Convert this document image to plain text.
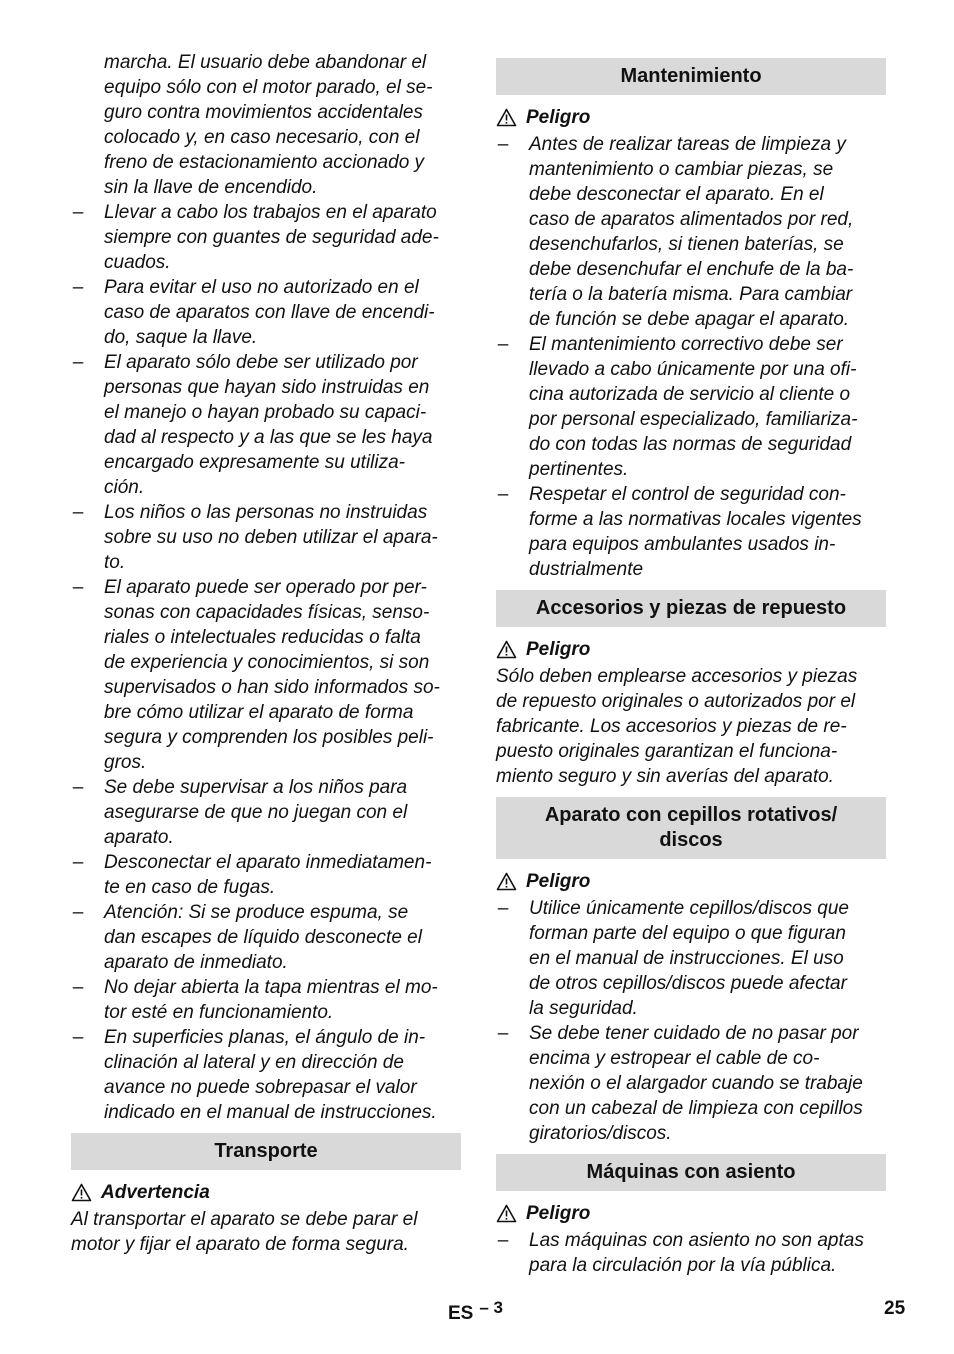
marcha. El usuario debe abandonar el
equipo sólo con el motor parado, el se-
guro contra movimientos accidentales
colocado y, en caso necesario, con el
freno de estacionamiento accionado y
sin la llave de encendido.
– Llevar a cabo los trabajos en el aparato
siempre con guantes de seguridad ade-
cuados.
– Para evitar el uso no autorizado en el
caso de aparatos con llave de encendi-
do, saque la llave.
– El aparato sólo debe ser utilizado por
personas que hayan sido instruidas en
el manejo o hayan probado su capaci-
dad al respecto y a las que se les haya
encargado expresamente su utiliza-
ción.
– Los niños o las personas no instruidas
sobre su uso no deben utilizar el apara-
to.
– El aparato puede ser operado por per-
sonas con capacidades físicas, senso-
riales o intelectuales reducidas o falta
de experiencia y conocimientos, si son
supervisados o han sido informados so-
bre cómo utilizar el aparato de forma
segura y comprenden los posibles peli-
gros.
– Se debe supervisar a los niños para
asegurarse de que no juegan con el
aparato.
– Desconectar el aparato inmediatamen-
te en caso de fugas.
– Atención: Si se produce espuma, se
dan escapes de líquido desconecte el
aparato de inmediato.
– No dejar abierta la tapa mientras el mo-
tor esté en funcionamiento.
– En superficies planas, el ángulo de in-
clinación al lateral y en dirección de
avance no puede sobrepasar el valor
indicado en el manual de instrucciones.
Transporte
Advertencia
Al transportar el aparato se debe parar el
motor y fijar el aparato de forma segura.
Mantenimiento
Peligro
– Antes de realizar tareas de limpieza y
mantenimiento o cambiar piezas, se
debe desconectar el aparato. En el
caso de aparatos alimentados por red,
desenchufarlos, si tienen baterías, se
debe desenchufar el enchufe de la ba-
tería o la batería misma. Para cambiar
de función se debe apagar el aparato.
– El mantenimiento correctivo debe ser
llevado a cabo únicamente por una ofi-
cina autorizada de servicio al cliente o
por personal especializado, familiariza-
do con todas las normas de seguridad
pertinentes.
– Respetar el control de seguridad con-
forme a las normativas locales vigentes
para equipos ambulantes usados in-
dustrialmente
Accesorios y piezas de repuesto
Peligro
Sólo deben emplearse accesorios y piezas
de repuesto originales o autorizados por el
fabricante. Los accesorios y piezas de re-
puesto originales garantizan el funciona-
miento seguro y sin averías del aparato.
Aparato con cepillos rotativos/
discos
Peligro
– Utilice únicamente cepillos/discos que
forman parte del equipo o que figuran
en el manual de instrucciones. El uso
de otros cepillos/discos puede afectar
la seguridad.
– Se debe tener cuidado de no pasar por
encima y estropear el cable de co-
nexión o el alargador cuando se trabaje
con un cabezal de limpieza con cepillos
giratorios/discos.
Máquinas con asiento
Peligro
– Las máquinas con asiento no son aptas
para la circulación por la vía pública.
ES $^{- 3}$	25
